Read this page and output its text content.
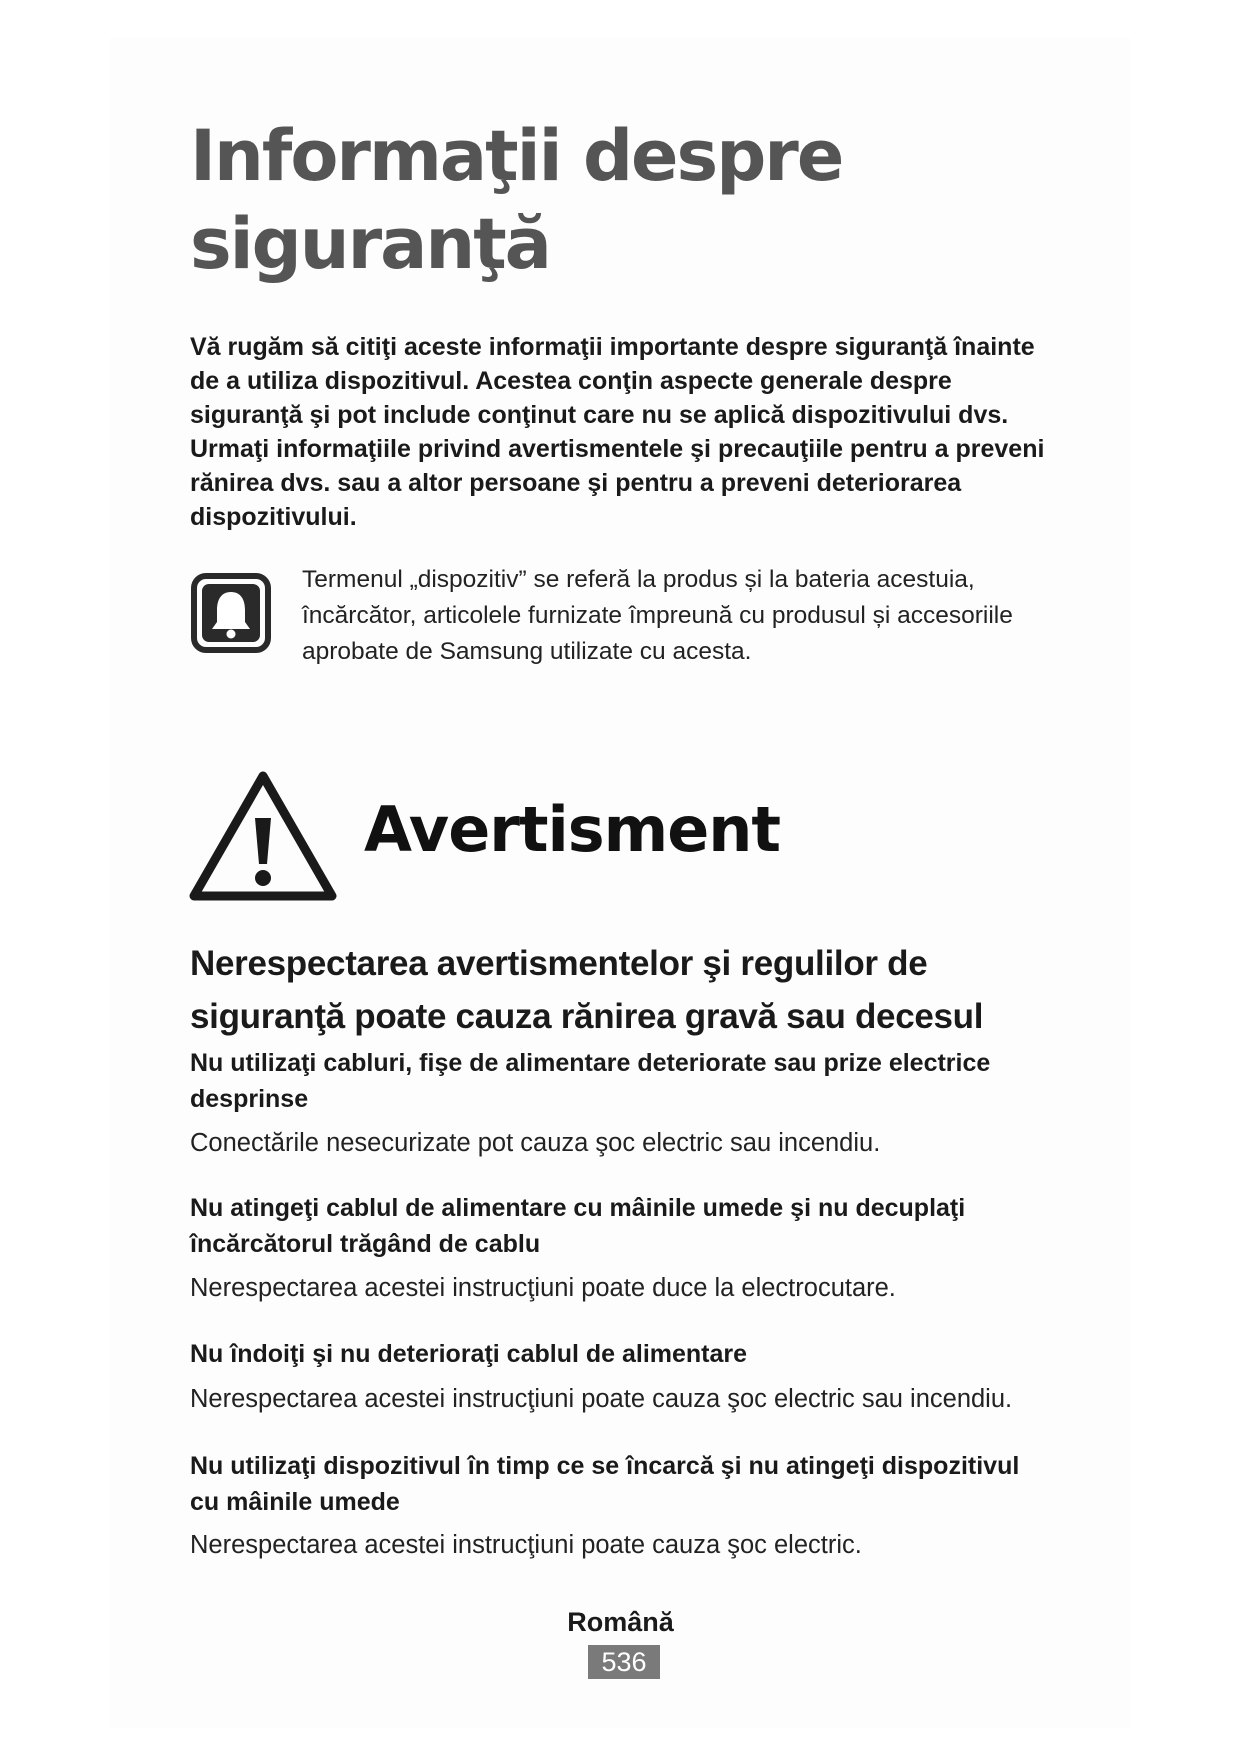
Informaţii despre siguranţă

Vă rugăm să citiţi aceste informaţii importante despre siguranţă înainte de a utiliza dispozitivul. Acestea conţin aspecte generale despre siguranţă şi pot include conţinut care nu se aplică dispozitivului dvs. Urmaţi informaţiile privind avertismentele şi precauţiile pentru a preveni rănirea dvs. sau a altor persoane şi pentru a preveni deteriorarea dispozitivului.

Termenul „dispozitiv” se referă la produs și la bateria acestuia, încărcător, articolele furnizate împreună cu produsul și accesoriile aprobate de Samsung utilizate cu acesta.

Avertisment
Nerespectarea avertismentelor şi regulilor de siguranţă poate cauza rănirea gravă sau decesul

Nu utilizaţi cabluri, fişe de alimentare deteriorate sau prize electrice desprinse

Conectările nesecurizate pot cauza şoc electric sau incendiu.

Nu atingeţi cablul de alimentare cu mâinile umede şi nu decuplaţi încărcătorul trăgând de cablu

Nerespectarea acestei instrucţiuni poate duce la electrocutare.

Nu îndoiţi şi nu deterioraţi cablul de alimentare

Nerespectarea acestei instrucţiuni poate cauza şoc electric sau incendiu.

Nu utilizaţi dispozitivul în timp ce se încarcă şi nu atingeţi dispozitivul cu mâinile umede

Nerespectarea acestei instrucţiuni poate cauza şoc electric.

Română
536
